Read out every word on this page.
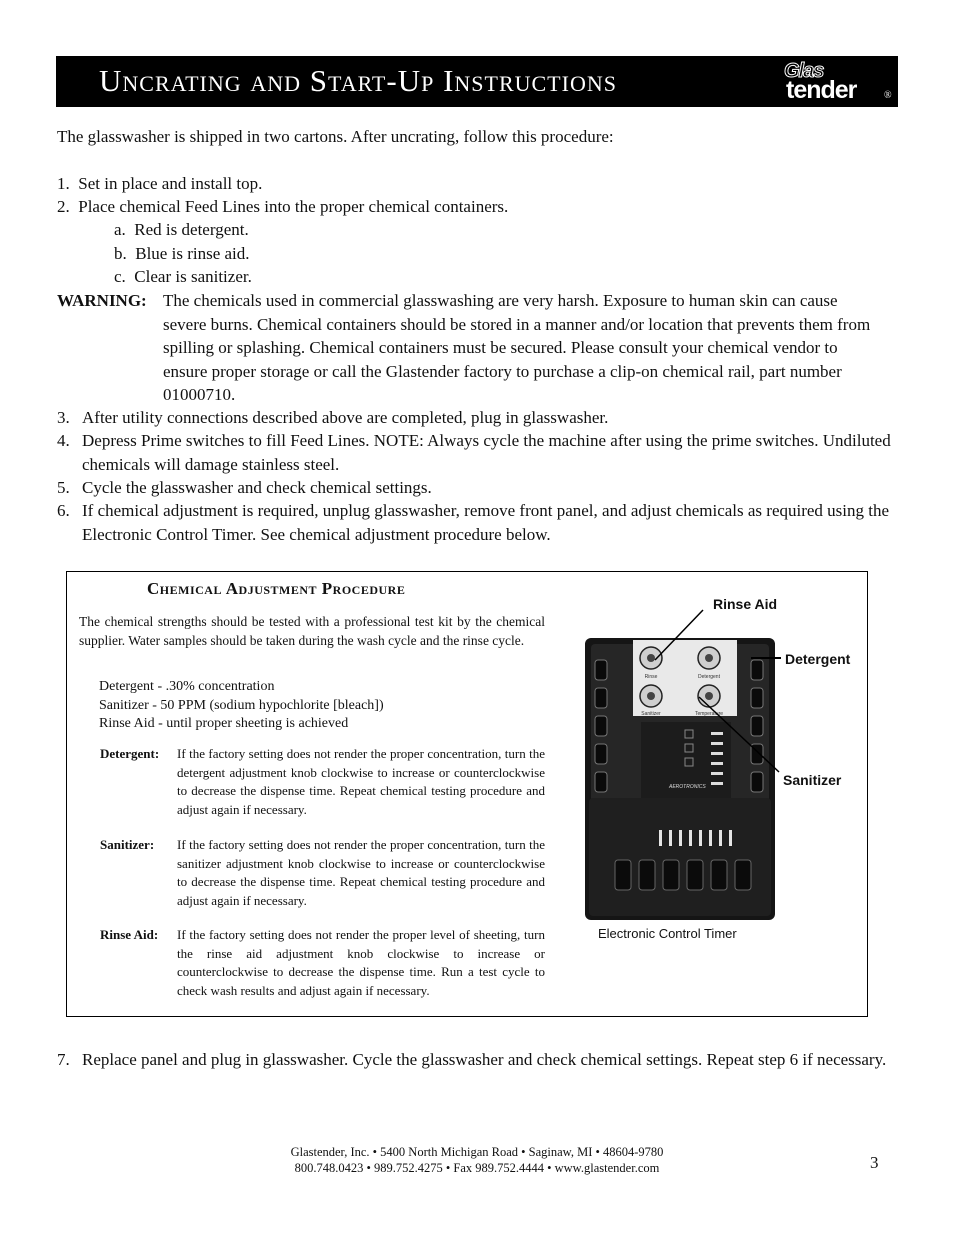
Uncrating and Start-Up Instructions	Glas
tender	®
The glasswasher is shipped in two cartons. After uncrating, follow this procedure:
1. Set in place and install top.
2. Place chemical Feed Lines into the proper chemical containers.
a. Red is detergent.
b. Blue is rinse aid.
c. Clear is sanitizer.
WARNING: The chemicals used in commercial glasswashing are very harsh. Exposure to human skin can cause severe burns. Chemical containers should be stored in a manner and/or location that prevents them from spilling or splashing. Chemical containers must be secured. Please consult your chemical vendor to ensure proper storage or call the Glastender factory to purchase a clip-on chemical rail, part number 01000710.
3. After utility connections described above are completed, plug in glasswasher.
4. Depress Prime switches to fill Feed Lines. NOTE: Always cycle the machine after using the prime switches. Undiluted chemicals will damage stainless steel.
5. Cycle the glasswasher and check chemical settings.
6. If chemical adjustment is required, unplug glasswasher, remove front panel, and adjust chemicals as required using the Electronic Control Timer. See chemical adjustment procedure below.
Chemical Adjustment Procedure
The chemical strengths should be tested with a professional test kit by the chemical supplier. Water samples should be taken during the wash cycle and the rinse cycle.
Detergent - .30% concentration
Sanitizer - 50 PPM (sodium hypochlorite [bleach])
Rinse Aid - until proper sheeting is achieved
Detergent: If the factory setting does not render the proper concentration, turn the detergent adjustment knob clockwise to increase or counterclockwise to decrease the dispense time. Repeat chemical testing procedure and adjust again if necessary.
Sanitizer: If the factory setting does not render the proper concentration, turn the sanitizer adjustment knob clockwise to increase or counterclockwise to decrease the dispense time. Repeat chemical testing procedure and adjust again if necessary.
Rinse Aid: If the factory setting does not render the proper level of sheeting, turn the rinse aid adjustment knob clockwise to increase or counterclockwise to decrease the dispense time. Run a test cycle to check wash results and adjust again if necessary.
Rinse	Detergent
Sanitizer	Temperature
AEROTRONICS
Rinse Aid
Detergent
Sanitizer
Electronic Control Timer
7. Replace panel and plug in glasswasher. Cycle the glasswasher and check chemical settings. Repeat step 6 if necessary.
Glastender, Inc. • 5400 North Michigan Road • Saginaw, MI • 48604-9780
800.748.0423 • 989.752.4275 • Fax 989.752.4444 • www.glastender.com	3
